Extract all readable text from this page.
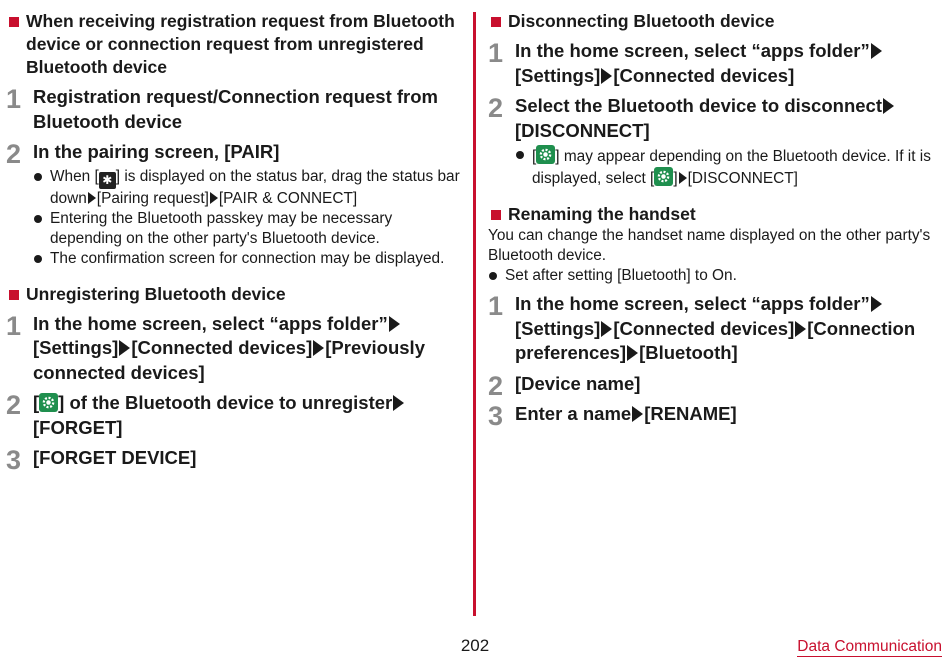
When receiving registration request from Bluetooth device or connection request from unregistered Bluetooth device
1 Registration request/Connection request from Bluetooth device
2 In the pairing screen, [PAIR]
When [ ✱ ] is displayed on the status bar, drag the status bar down [Pairing request] [PAIR & CONNECT]
Entering the Bluetooth passkey may be necessary depending on the other party's Bluetooth device.
The confirmation screen for connection may be displayed.
Unregistering Bluetooth device
1 In the home screen, select “apps folder”[Settings] [Connected devices] [Previously connected devices]
2 [ ] of the Bluetooth device to unregister[FORGET]
3 [FORGET DEVICE]
Disconnecting Bluetooth device
1 In the home screen, select “apps folder”[Settings] [Connected devices]
2 Select the Bluetooth device to disconnect[DISCONNECT]
[ ] may appear depending on the Bluetooth device. If it is displayed, select [ ] [DISCONNECT]
Renaming the handset
You can change the handset name displayed on the other party's Bluetooth device.
Set after setting [Bluetooth] to On.
1 In the home screen, select “apps folder”[Settings] [Connected devices] [Connection preferences] [Bluetooth]
2 [Device name]
3 Enter a name [RENAME]
202	Data Communication
